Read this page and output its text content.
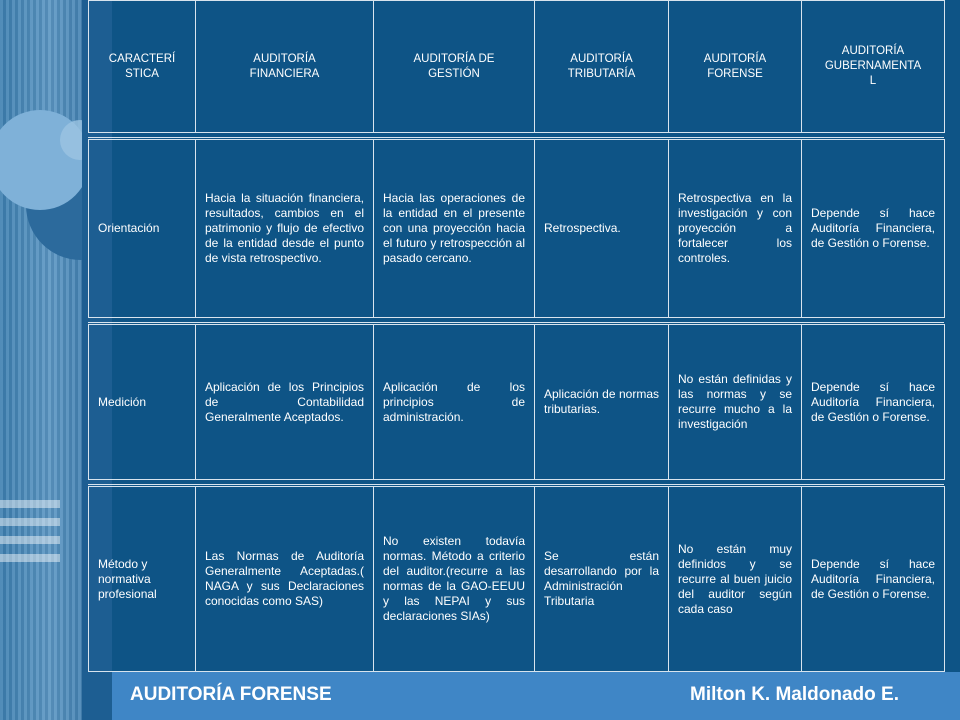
AUDITORÍA FORENSE	Milton K. Maldonado E.
CARACTERÍ
STICA
AUDITORÍA
FINANCIERA
AUDITORÍA DE
GESTIÓN
AUDITORÍA
TRIBUTARÍA
AUDITORÍA
FORENSE
AUDITORÍA
GUBERNAMENTA
L
Orientación
Hacia la situación financiera, resultados, cambios en el patrimonio y flujo de efectivo de la entidad desde el punto de vista retrospectivo.
Hacia las operaciones de la entidad en el presente con una proyección hacia el futuro y retrospección al pasado cercano.
Retrospectiva.
Retrospectiva en la investigación y con proyección a fortalecer los controles.
Depende sí hace Auditoría Financiera, de Gestión o Forense.
Medición
Aplicación de los Principios de Contabilidad Generalmente Aceptados.
Aplicación de los principios de administración.
Aplicación de normas tributarias.
No están definidas y las normas y se recurre mucho a la investigación
Depende sí hace Auditoría Financiera, de Gestión o Forense.
Método y normativa profesional
Las Normas de Auditoría Generalmente Aceptadas.( NAGA y sus Declaraciones conocidas como SAS)
No existen todavía normas. Método a criterio del auditor.(recurre a las normas de la GAO-EEUU y las NEPAI y sus declaraciones SIAs)
Se están desarrollando por la Administración Tributaria
No están muy definidos y se recurre al buen juicio del auditor según cada caso
Depende sí hace Auditoría Financiera, de Gestión o Forense.
